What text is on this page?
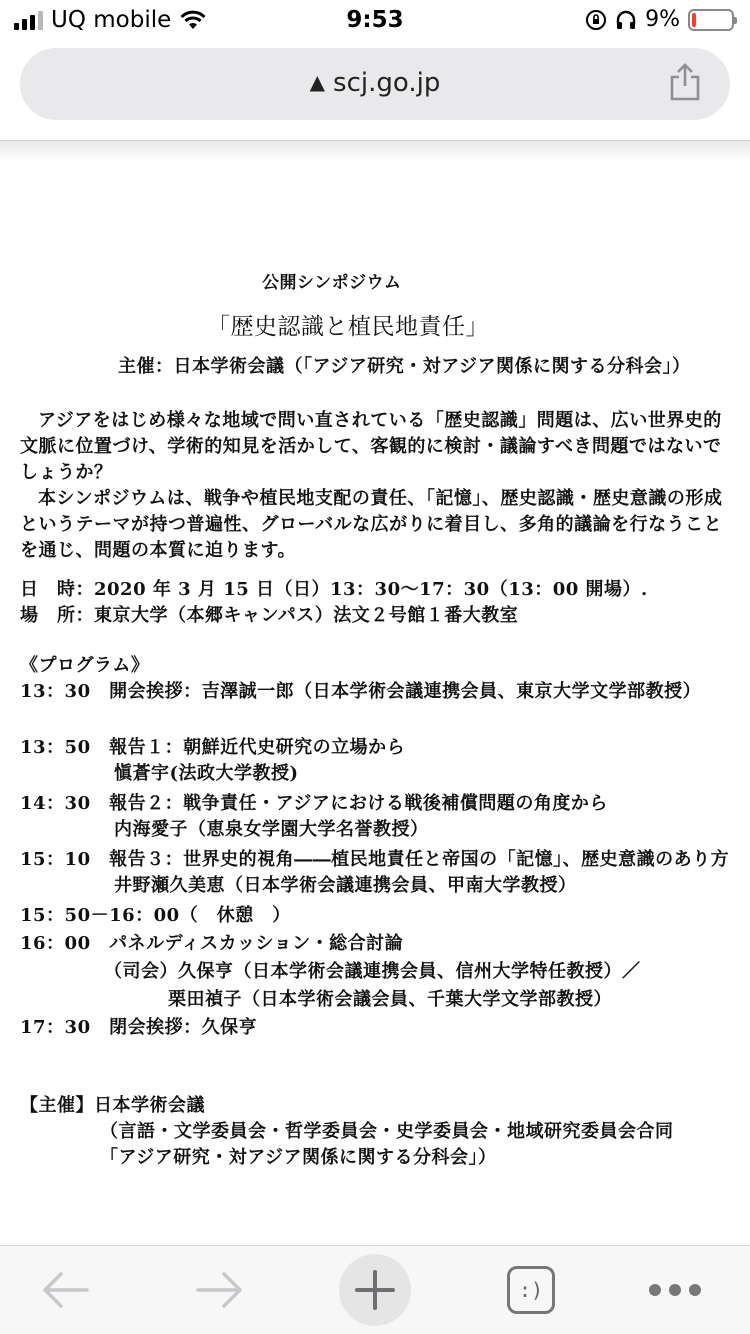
UQ mobile	9:53	9%
▲ scj.go.jp
公開シンポジウム
「歴史認識と植民地責任」
主催：日本学術会議（「アジア研究・対アジア関係に関する分科会」）
アジアをはじめ様々な地域で問い直されている「歴史認識」問題は、広い世界史的
文脈に位置づけ、学術的知見を活かして、客観的に検討・議論すべき問題ではないで
しょうか？
本シンポジウムは、戦争や植民地支配の責任、「記憶」、歴史認識・歴史意識の形成
というテーマが持つ普遍性、グローバルな広がりに着目し、多角的議論を行なうこと
を通じ、問題の本質に迫ります。
日　時：2020 年 3 月 15 日（日）13：30〜17：30（13：00 開場）.
場　所：東京大学（本郷キャンパス）法文２号館１番大教室
《プログラム》
13：30　開会挨拶：吉澤誠一郎（日本学術会議連携会員、東京大学文学部教授）
13：50　報告１：朝鮮近代史研究の立場から
愼蒼宇(法政大学教授)
14：30　報告２：戦争責任・アジアにおける戦後補償問題の角度から
内海愛子（恵泉女学園大学名誉教授）
15：10　報告３：世界史的視角――植民地責任と帝国の「記憶」、歴史意識のあり方
井野瀬久美恵（日本学術会議連携会員、甲南大学教授）
15：50－16：00（　休憩　）
16：00　パネルディスカッション・総合討論
（司会）久保亨（日本学術会議連携会員、信州大学特任教授）／
栗田禎子（日本学術会議会員、千葉大学文学部教授）
17：30　閉会挨拶：久保亨
【主催】日本学術会議
（言語・文学委員会・哲学委員会・史学委員会・地域研究委員会合同
「アジア研究・対アジア関係に関する分科会」）
:)
